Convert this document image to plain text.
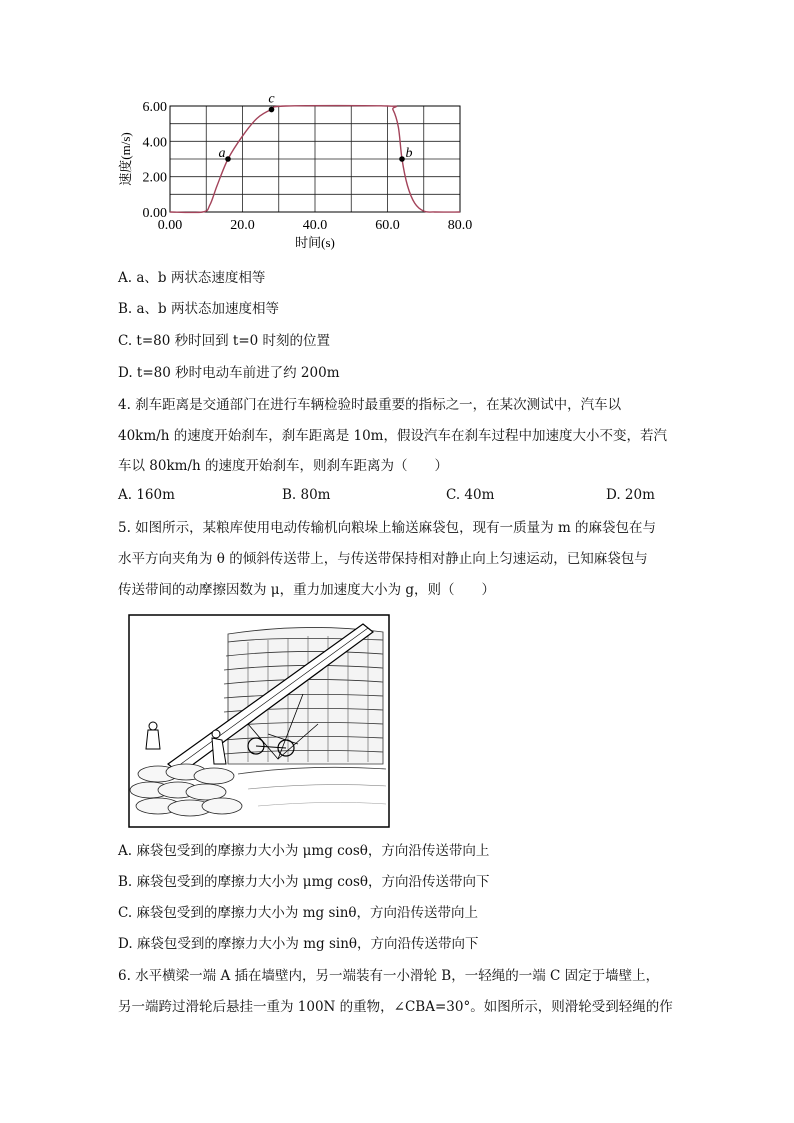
0.00	20.0	40.0	60.0	80.0
0.00
2.00
4.00
6.00
a
c
b
时间(s)
速度(m/s)
A. a、b 两状态速度相等
B. a、b 两状态加速度相等
C. t=80 秒时回到 t=0 时刻的位置
D. t=80 秒时电动车前进了约 200m
4. 刹车距离是交通部门在进行车辆检验时最重要的指标之一，在某次测试中，汽车以
40km/h 的速度开始刹车，刹车距离是 10m，假设汽车在刹车过程中加速度大小不变，若汽
车以 80km/h 的速度开始刹车，则刹车距离为（　　）
A. 160m	B. 80m	C. 40m	D. 20m
5. 如图所示，某粮库使用电动传输机向粮垛上输送麻袋包，现有一质量为 m 的麻袋包在与
水平方向夹角为 θ 的倾斜传送带上，与传送带保持相对静止向上匀速运动，已知麻袋包与
传送带间的动摩擦因数为 μ，重力加速度大小为 g，则（　　）
A. 麻袋包受到的摩擦力大小为 μmg cosθ，方向沿传送带向上
B. 麻袋包受到的摩擦力大小为 μmg cosθ，方向沿传送带向下
C. 麻袋包受到的摩擦力大小为 mg sinθ，方向沿传送带向上
D. 麻袋包受到的摩擦力大小为 mg sinθ，方向沿传送带向下
6. 水平横梁一端 A 插在墙壁内，另一端装有一小滑轮 B，一轻绳的一端 C 固定于墙壁上，
另一端跨过滑轮后悬挂一重为 100N 的重物，∠CBA=30°。如图所示，则滑轮受到轻绳的作
